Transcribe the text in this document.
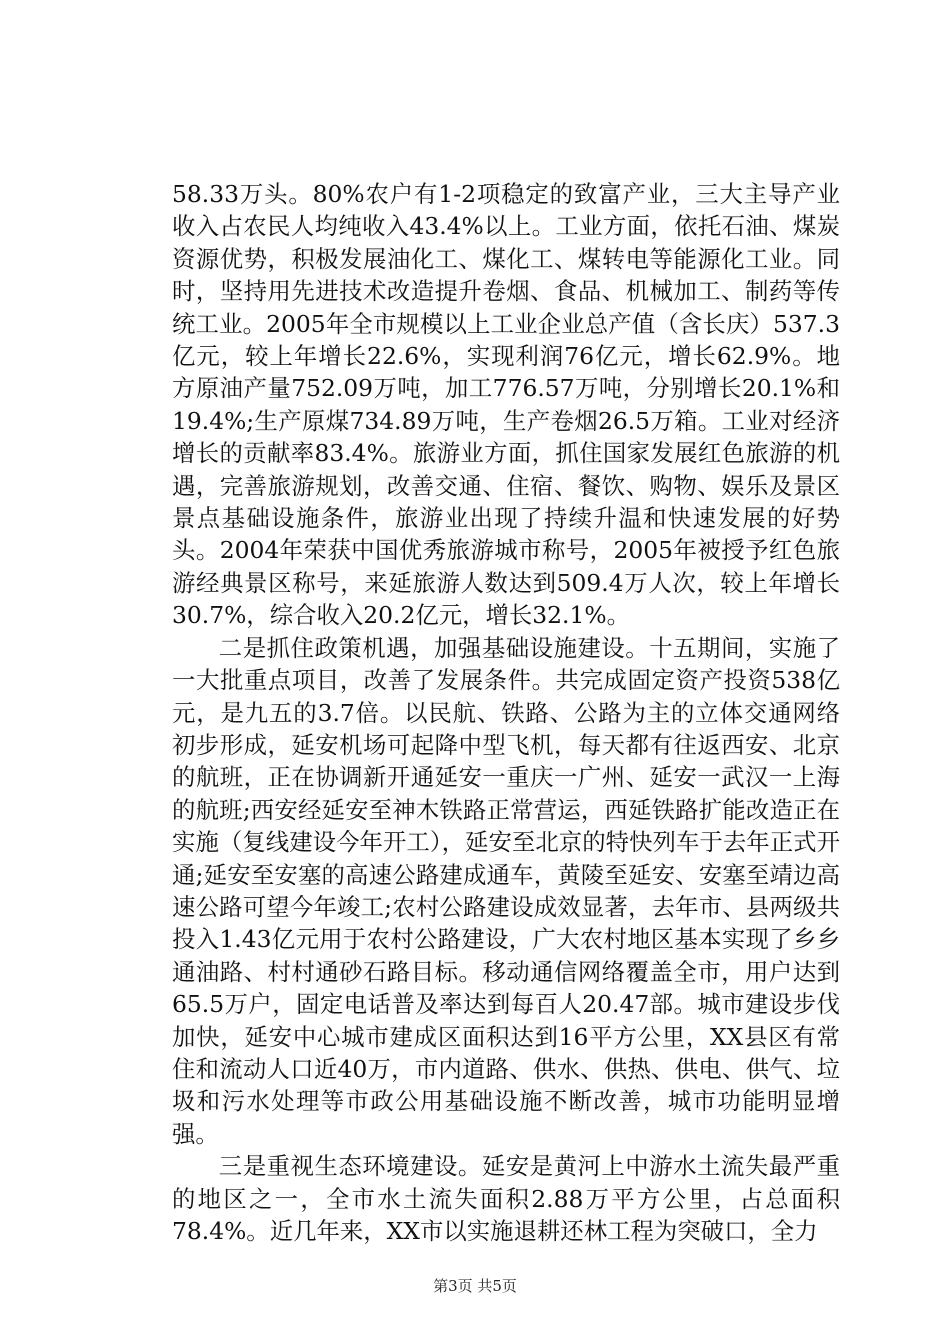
58.33万头。80%农户有1-2项稳定的致富产业，三大主导产业收入占农民人均纯收入43.4%以上。工业方面，依托石油、煤炭资源优势，积极发展油化工、煤化工、煤转电等能源化工业。同时，坚持用先进技术改造提升卷烟、食品、机械加工、制药等传统工业。2005年全市规模以上工业企业总产值（含长庆）537.3亿元，较上年增长22.6%，实现利润76亿元，增长62.9%。地方原油产量752.09万吨，加工776.57万吨，分别增长20.1%和19.4%;生产原煤734.89万吨，生产卷烟26.5万箱。工业对经济增长的贡献率83.4%。旅游业方面，抓住国家发展红色旅游的机遇，完善旅游规划，改善交通、住宿、餐饮、购物、娱乐及景区景点基础设施条件，旅游业出现了持续升温和快速发展的好势头。2004年荣获中国优秀旅游城市称号，2005年被授予红色旅游经典景区称号，来延旅游人数达到509.4万人次，较上年增长30.7%，综合收入20.2亿元，增长32.1%。

二是抓住政策机遇，加强基础设施建设。十五期间，实施了一大批重点项目，改善了发展条件。共完成固定资产投资538亿元，是九五的3.7倍。以民航、铁路、公路为主的立体交通网络初步形成，延安机场可起降中型飞机，每天都有往返西安、北京的航班，正在协调新开通延安一重庆一广州、延安一武汉一上海的航班;西安经延安至神木铁路正常营运，西延铁路扩能改造正在实施（复线建设今年开工），延安至北京的特快列车于去年正式开通;延安至安塞的高速公路建成通车，黄陵至延安、安塞至靖边高速公路可望今年竣工;农村公路建设成效显著，去年市、县两级共投入1.43亿元用于农村公路建设，广大农村地区基本实现了乡乡通油路、村村通砂石路目标。移动通信网络覆盖全市，用户达到65.5万户，固定电话普及率达到每百人20.47部。城市建设步伐加快，延安中心城市建成区面积达到16平方公里，XX县区有常住和流动人口近40万，市内道路、供水、供热、供电、供气、垃圾和污水处理等市政公用基础设施不断改善，城市功能明显增强。

三是重视生态环境建设。延安是黄河上中游水土流失最严重的地区之一，全市水土流失面积2.88万平方公里，占总面积78.4%。近几年来，XX市以实施退耕还林工程为突破口，全力

第3页 共5页
